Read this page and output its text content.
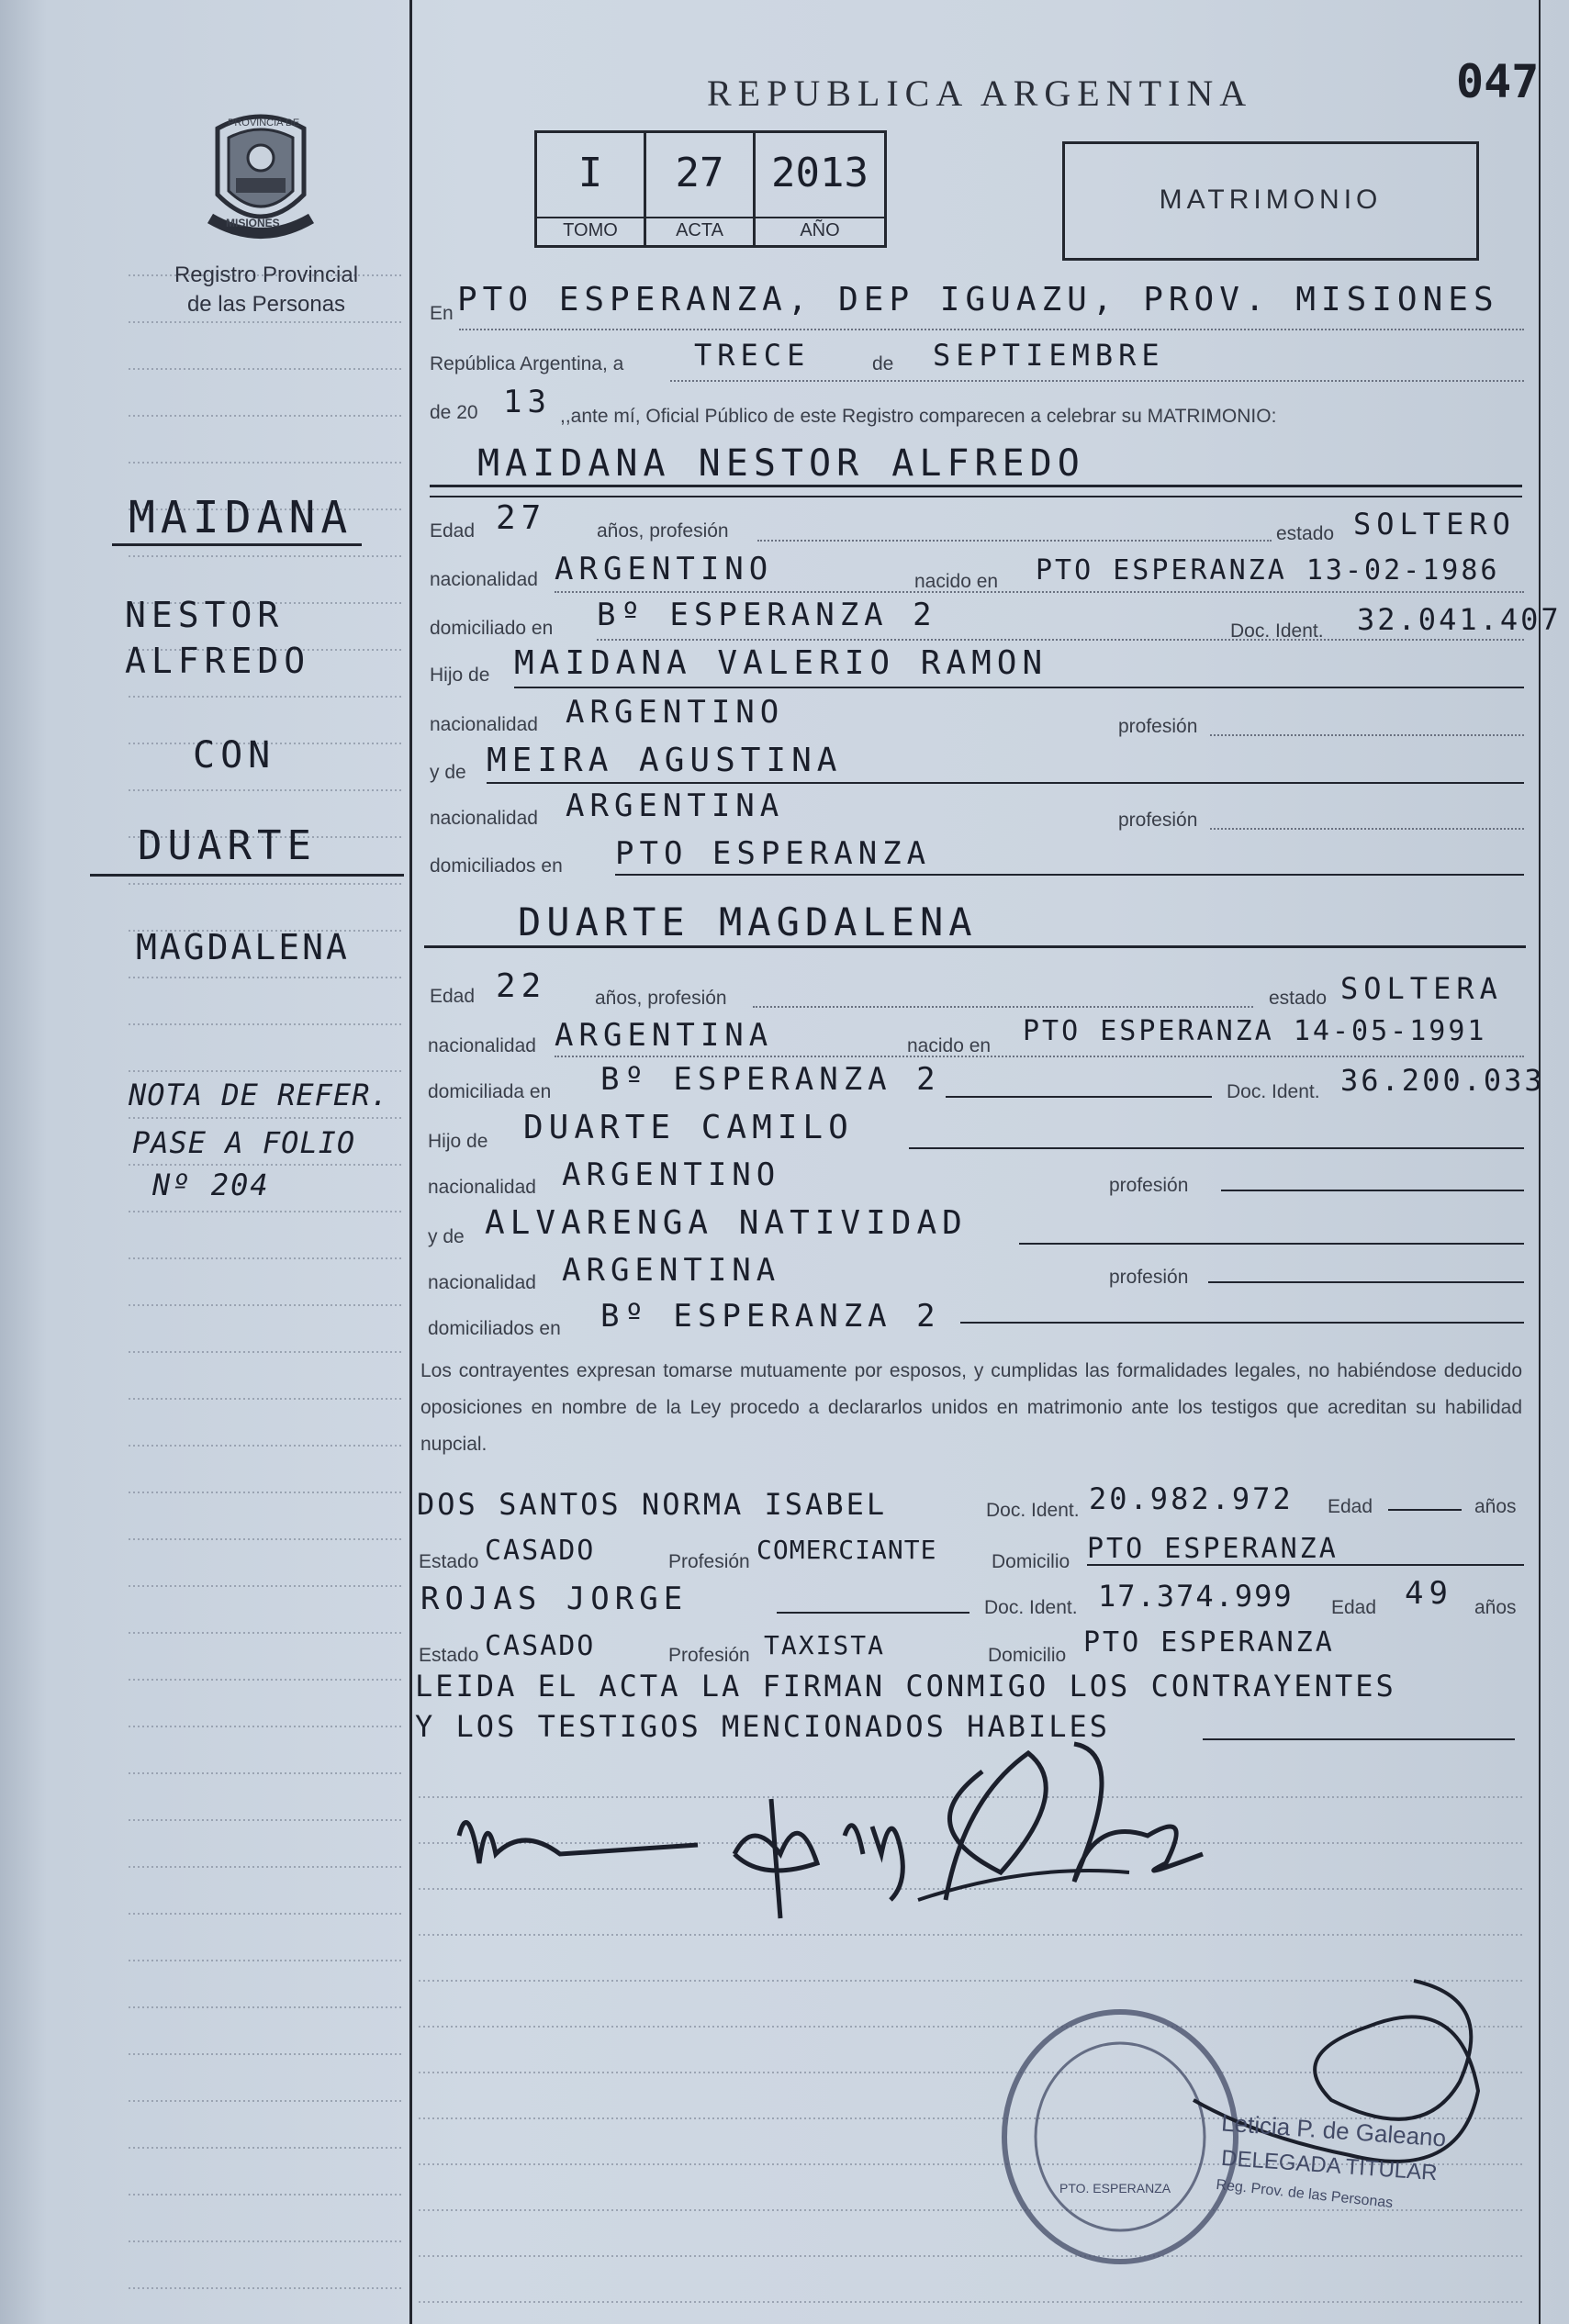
PROVINCIA DE
MISIONES
Registro Provincial
de las Personas
REPUBLICA ARGENTINA	047
I
TOMO
27
ACTA
2013
AÑO
MATRIMONIO
En PTO ESPERANZA, DEP IGUAZU, PROV. MISIONES
República Argentina, a TRECE	de SEPTIEMBRE
de 20 13 ,,ante mí, Oficial Público de este Registro comparecen a celebrar su MATRIMONIO:
MAIDANA NESTOR ALFREDO
Edad 27	años, profesión	estado SOLTERO
nacionalidad ARGENTINO	nacido en PTO ESPERANZA 13-02-1986
domiciliado en Bº ESPERANZA 2	Doc. Ident. 32.041.407
Hijo de MAIDANA VALERIO RAMON
nacionalidad ARGENTINO	profesión
y de MEIRA AGUSTINA
nacionalidad ARGENTINA	profesión
domiciliados en PTO ESPERANZA
DUARTE MAGDALENA
Edad 22	años, profesión	estado SOLTERA
nacionalidad ARGENTINA	nacido en PTO ESPERANZA 14-05-1991
domiciliada en Bº ESPERANZA 2	Doc. Ident. 36.200.033
Hijo de DUARTE CAMILO
nacionalidad ARGENTINO	profesión
y de ALVARENGA NATIVIDAD
nacionalidad ARGENTINA	profesión
domiciliados en Bº ESPERANZA 2
Los contrayentes expresan tomarse mutuamente por esposos, y cumplidas las formalidades legales, no habiéndose deducido oposiciones en nombre de la Ley procedo a declararlos unidos en matrimonio ante los testigos que acreditan su habilidad nupcial.
DOS SANTOS NORMA ISABEL	Doc. Ident. 20.982.972 Edad	años
Estado CASADO	Profesión COMERCIANTE	Domicilio PTO ESPERANZA
ROJAS JORGE	Doc. Ident. 17.374.999 Edad 49 años
Estado CASADO	Profesión TAXISTA	Domicilio PTO ESPERANZA
LEIDA EL ACTA LA FIRMAN CONMIGO LOS CONTRAYENTES
Y LOS TESTIGOS MENCIONADOS HABILES
PTO. ESPERANZA
Leticia P. de Galeano
DELEGADA TITULAR
Reg. Prov. de las Personas
MAIDANA
NESTOR
ALFREDO
CON
DUARTE
MAGDALENA
NOTA DE REFER.
PASE A FOLIO
Nº 204
